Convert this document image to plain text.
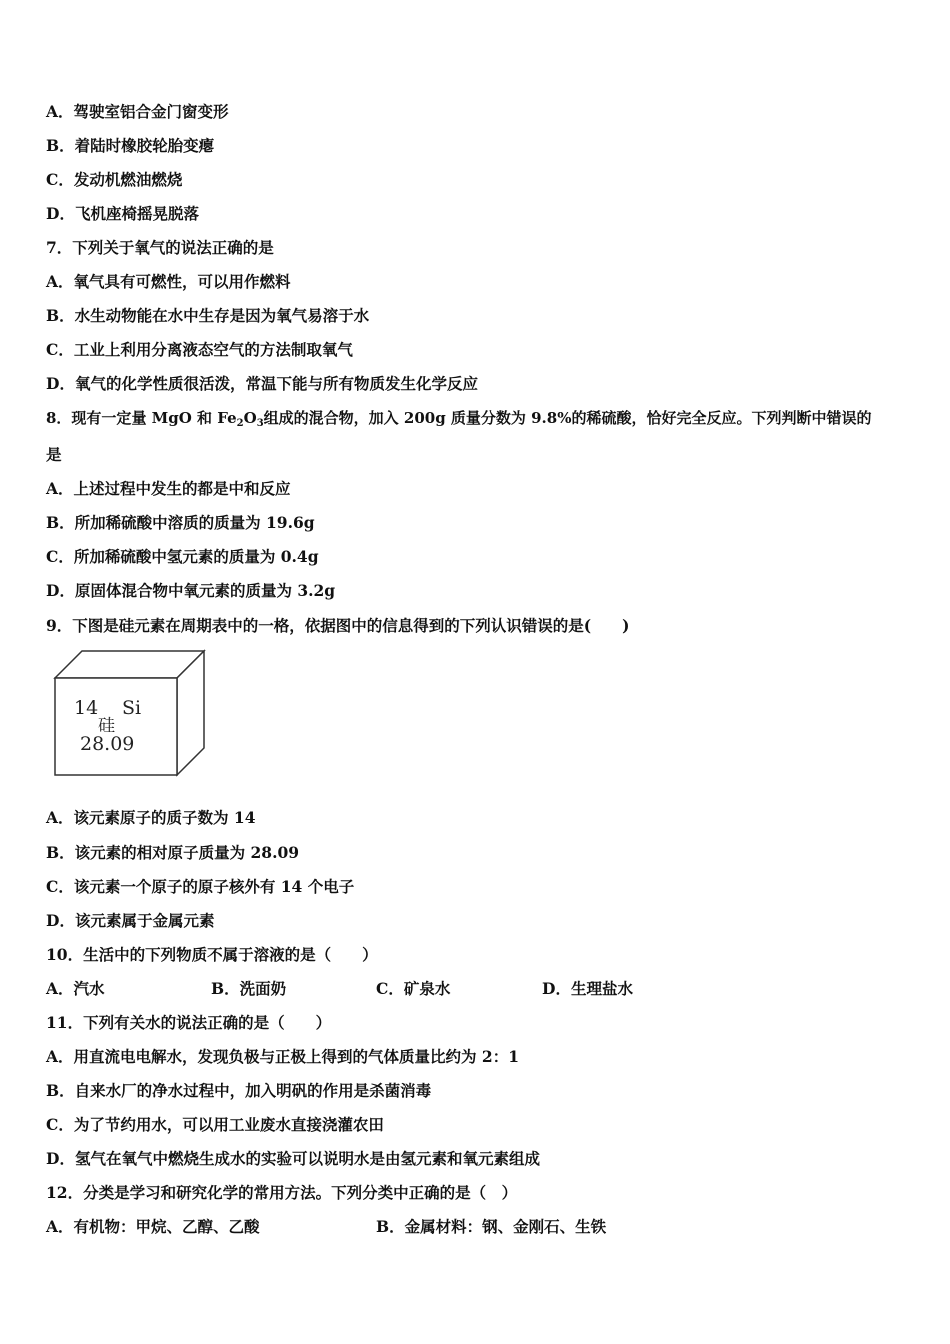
A．驾驶室铝合金门窗变形
B．着陆时橡胶轮胎变瘪
C．发动机燃油燃烧
D．飞机座椅摇晃脱落
7．下列关于氧气的说法正确的是
A．氧气具有可燃性，可以用作燃料
B．水生动物能在水中生存是因为氧气易溶于水
C．工业上利用分离液态空气的方法制取氧气
D．氧气的化学性质很活泼，常温下能与所有物质发生化学反应
8．现有一定量 MgO 和 $Fe_2O_3$组成的混合物，加入 200g 质量分数为 9.8%的稀硫酸，恰好完全反应。下列判断中错误的
是
A．上述过程中发生的都是中和反应
B．所加稀硫酸中溶质的质量为 19.6g
C．所加稀硫酸中氢元素的质量为 0.4g
D．原固体混合物中氧元素的质量为 3.2g
9．下图是硅元素在周期表中的一格，依据图中的信息得到的下列认识错误的是(　　)
14 Si
硅
28.09
A．该元素原子的质子数为 14
B．该元素的相对原子质量为 28.09
C．该元素一个原子的原子核外有 14 个电子
D．该元素属于金属元素
10．生活中的下列物质不属于溶液的是（　　）
A．汽水	B．洗面奶	C．矿泉水	D．生理盐水
11．下列有关水的说法正确的是（　　）
A．用直流电电解水，发现负极与正极上得到的气体质量比约为 2：1
B．自来水厂的净水过程中，加入明矾的作用是杀菌消毒
C．为了节约用水，可以用工业废水直接浇灌农田
D．氢气在氧气中燃烧生成水的实验可以说明水是由氢元素和氧元素组成
12．分类是学习和研究化学的常用方法。下列分类中正确的是（　）
A．有机物：甲烷、乙醇、乙酸	B．金属材料：钢、金刚石、生铁
